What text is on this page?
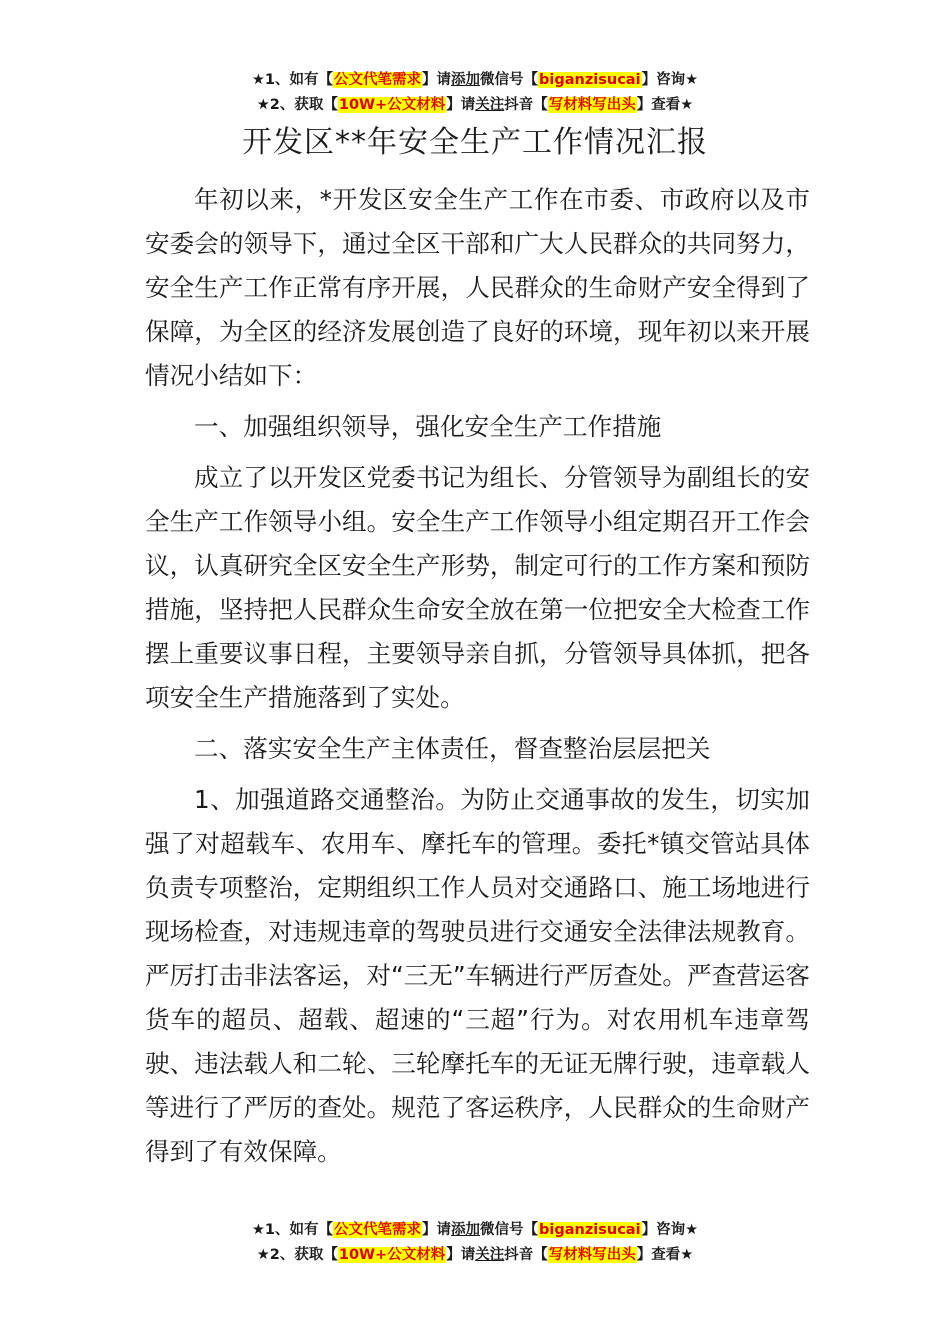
★1、如有【公文代笔需求】请添加微信号【biganzisucai】咨询★
★2、获取【10W+公文材料】请关注抖音【写材料写出头】查看★
开发区**年安全生产工作情况汇报

年初以来，*开发区安全生产工作在市委、市政府以及市安委会的领导下，通过全区干部和广大人民群众的共同努力，安全生产工作正常有序开展，人民群众的生命财产安全得到了保障，为全区的经济发展创造了良好的环境，现年初以来开展情况小结如下：

一、加强组织领导，强化安全生产工作措施

成立了以开发区党委书记为组长、分管领导为副组长的安全生产工作领导小组。安全生产工作领导小组定期召开工作会议，认真研究全区安全生产形势，制定可行的工作方案和预防措施，坚持把人民群众生命安全放在第一位把安全大检查工作摆上重要议事日程，主要领导亲自抓，分管领导具体抓，把各项安全生产措施落到了实处。

二、落实安全生产主体责任，督查整治层层把关

1、加强道路交通整治。为防止交通事故的发生，切实加强了对超载车、农用车、摩托车的管理。委托*镇交管站具体负责专项整治，定期组织工作人员对交通路口、施工场地进行现场检查，对违规违章的驾驶员进行交通安全法律法规教育。严厉打击非法客运，对“三无”车辆进行严厉查处。严查营运客货车的超员、超载、超速的“三超”行为。对农用机车违章驾驶、违法载人和二轮、三轮摩托车的无证无牌行驶，违章载人等进行了严厉的查处。规范了客运秩序，人民群众的生命财产得到了有效保障。

★1、如有【公文代笔需求】请添加微信号【biganzisucai】咨询★
★2、获取【10W+公文材料】请关注抖音【写材料写出头】查看★
